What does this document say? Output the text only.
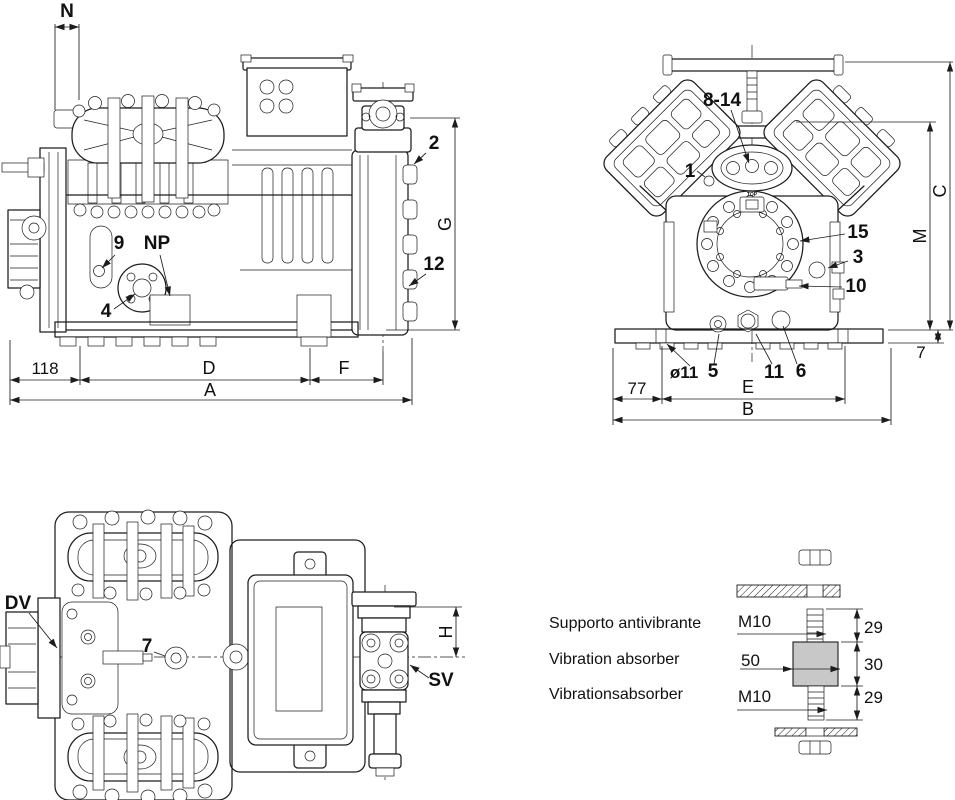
N
G
2
12
9 NP
4
118	D	F
A
TOP	C
M
7
8-14
1
15
3
10
ø11 5 11 6
77	E
B
H
DV
7
SV
Supporto antivibrante
Vibration absorber
Vibrationsabsorber
M10
50
M10
29
30
29
